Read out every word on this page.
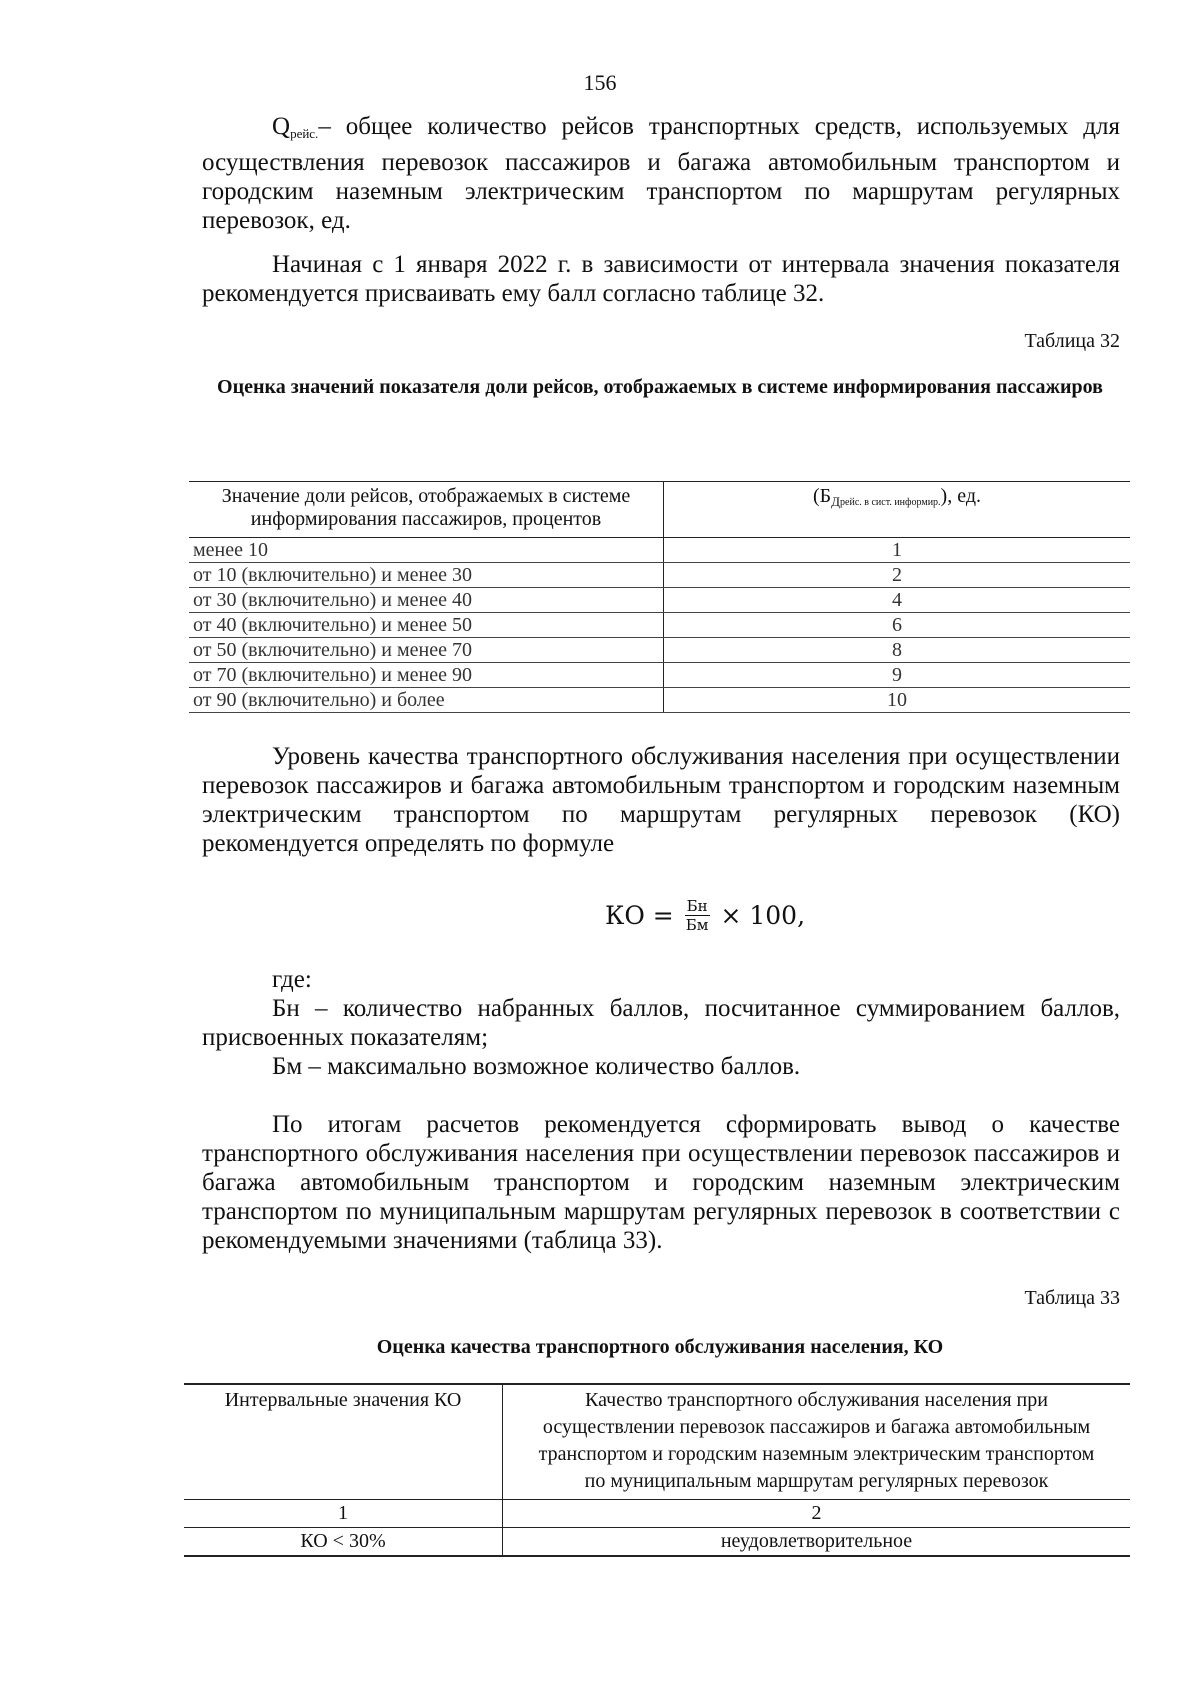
156

$Q_{рейс.}-$ общее количество рейсов транспортных средств, используемых для осуществления перевозок пассажиров и багажа автомобильным транспортом и городским наземным электрическим транспортом по маршрутам регулярных перевозок, ед.

Начиная с 1 января 2022 г. в зависимости от интервала значения показателя рекомендуется присваивать ему балл согласно таблице 32.

Таблица 32
Оценка значений показателя доли рейсов, отображаемых в системе информирования пассажиров
Значение доли рейсов, отображаемых в системе информирования пассажиров, процентов	$(Б_{Дрейс. в сист. информир.})$, ед.
менее 10	1
от 10 (включительно) и менее 30	2
от 30 (включительно) и менее 40	4
от 40 (включительно) и менее 50	6
от 50 (включительно) и менее 70	8
от 70 (включительно) и менее 90	9
от 90 (включительно) и более	10

Уровень качества транспортного обслуживания населения при осуществлении перевозок пассажиров и багажа автомобильным транспортом и городским наземным электрическим транспортом по маршрутам регулярных перевозок (КО) рекомендуется определять по формуле

КО = $\frac{Бн}{Бм} \times 100$,
где:

Бн – количество набранных баллов, посчитанное суммированием баллов, присвоенных показателям;

Бм – максимально возможное количество баллов.

По итогам расчетов рекомендуется сформировать вывод о качестве транспортного обслуживания населения при осуществлении перевозок пассажиров и багажа автомобильным транспортом и городским наземным электрическим транспортом по муниципальным маршрутам регулярных перевозок в соответствии с рекомендуемыми значениями (таблица 33).

Таблица 33
Оценка качества транспортного обслуживания населения, КО
Интервальные значения КО	Качество транспортного обслуживания населения при осуществлении перевозок пассажиров и багажа автомобильным транспортом и городским наземным электрическим транспортом по муниципальным маршрутам регулярных перевозок
1	2
КО < 30%	неудовлетворительное
